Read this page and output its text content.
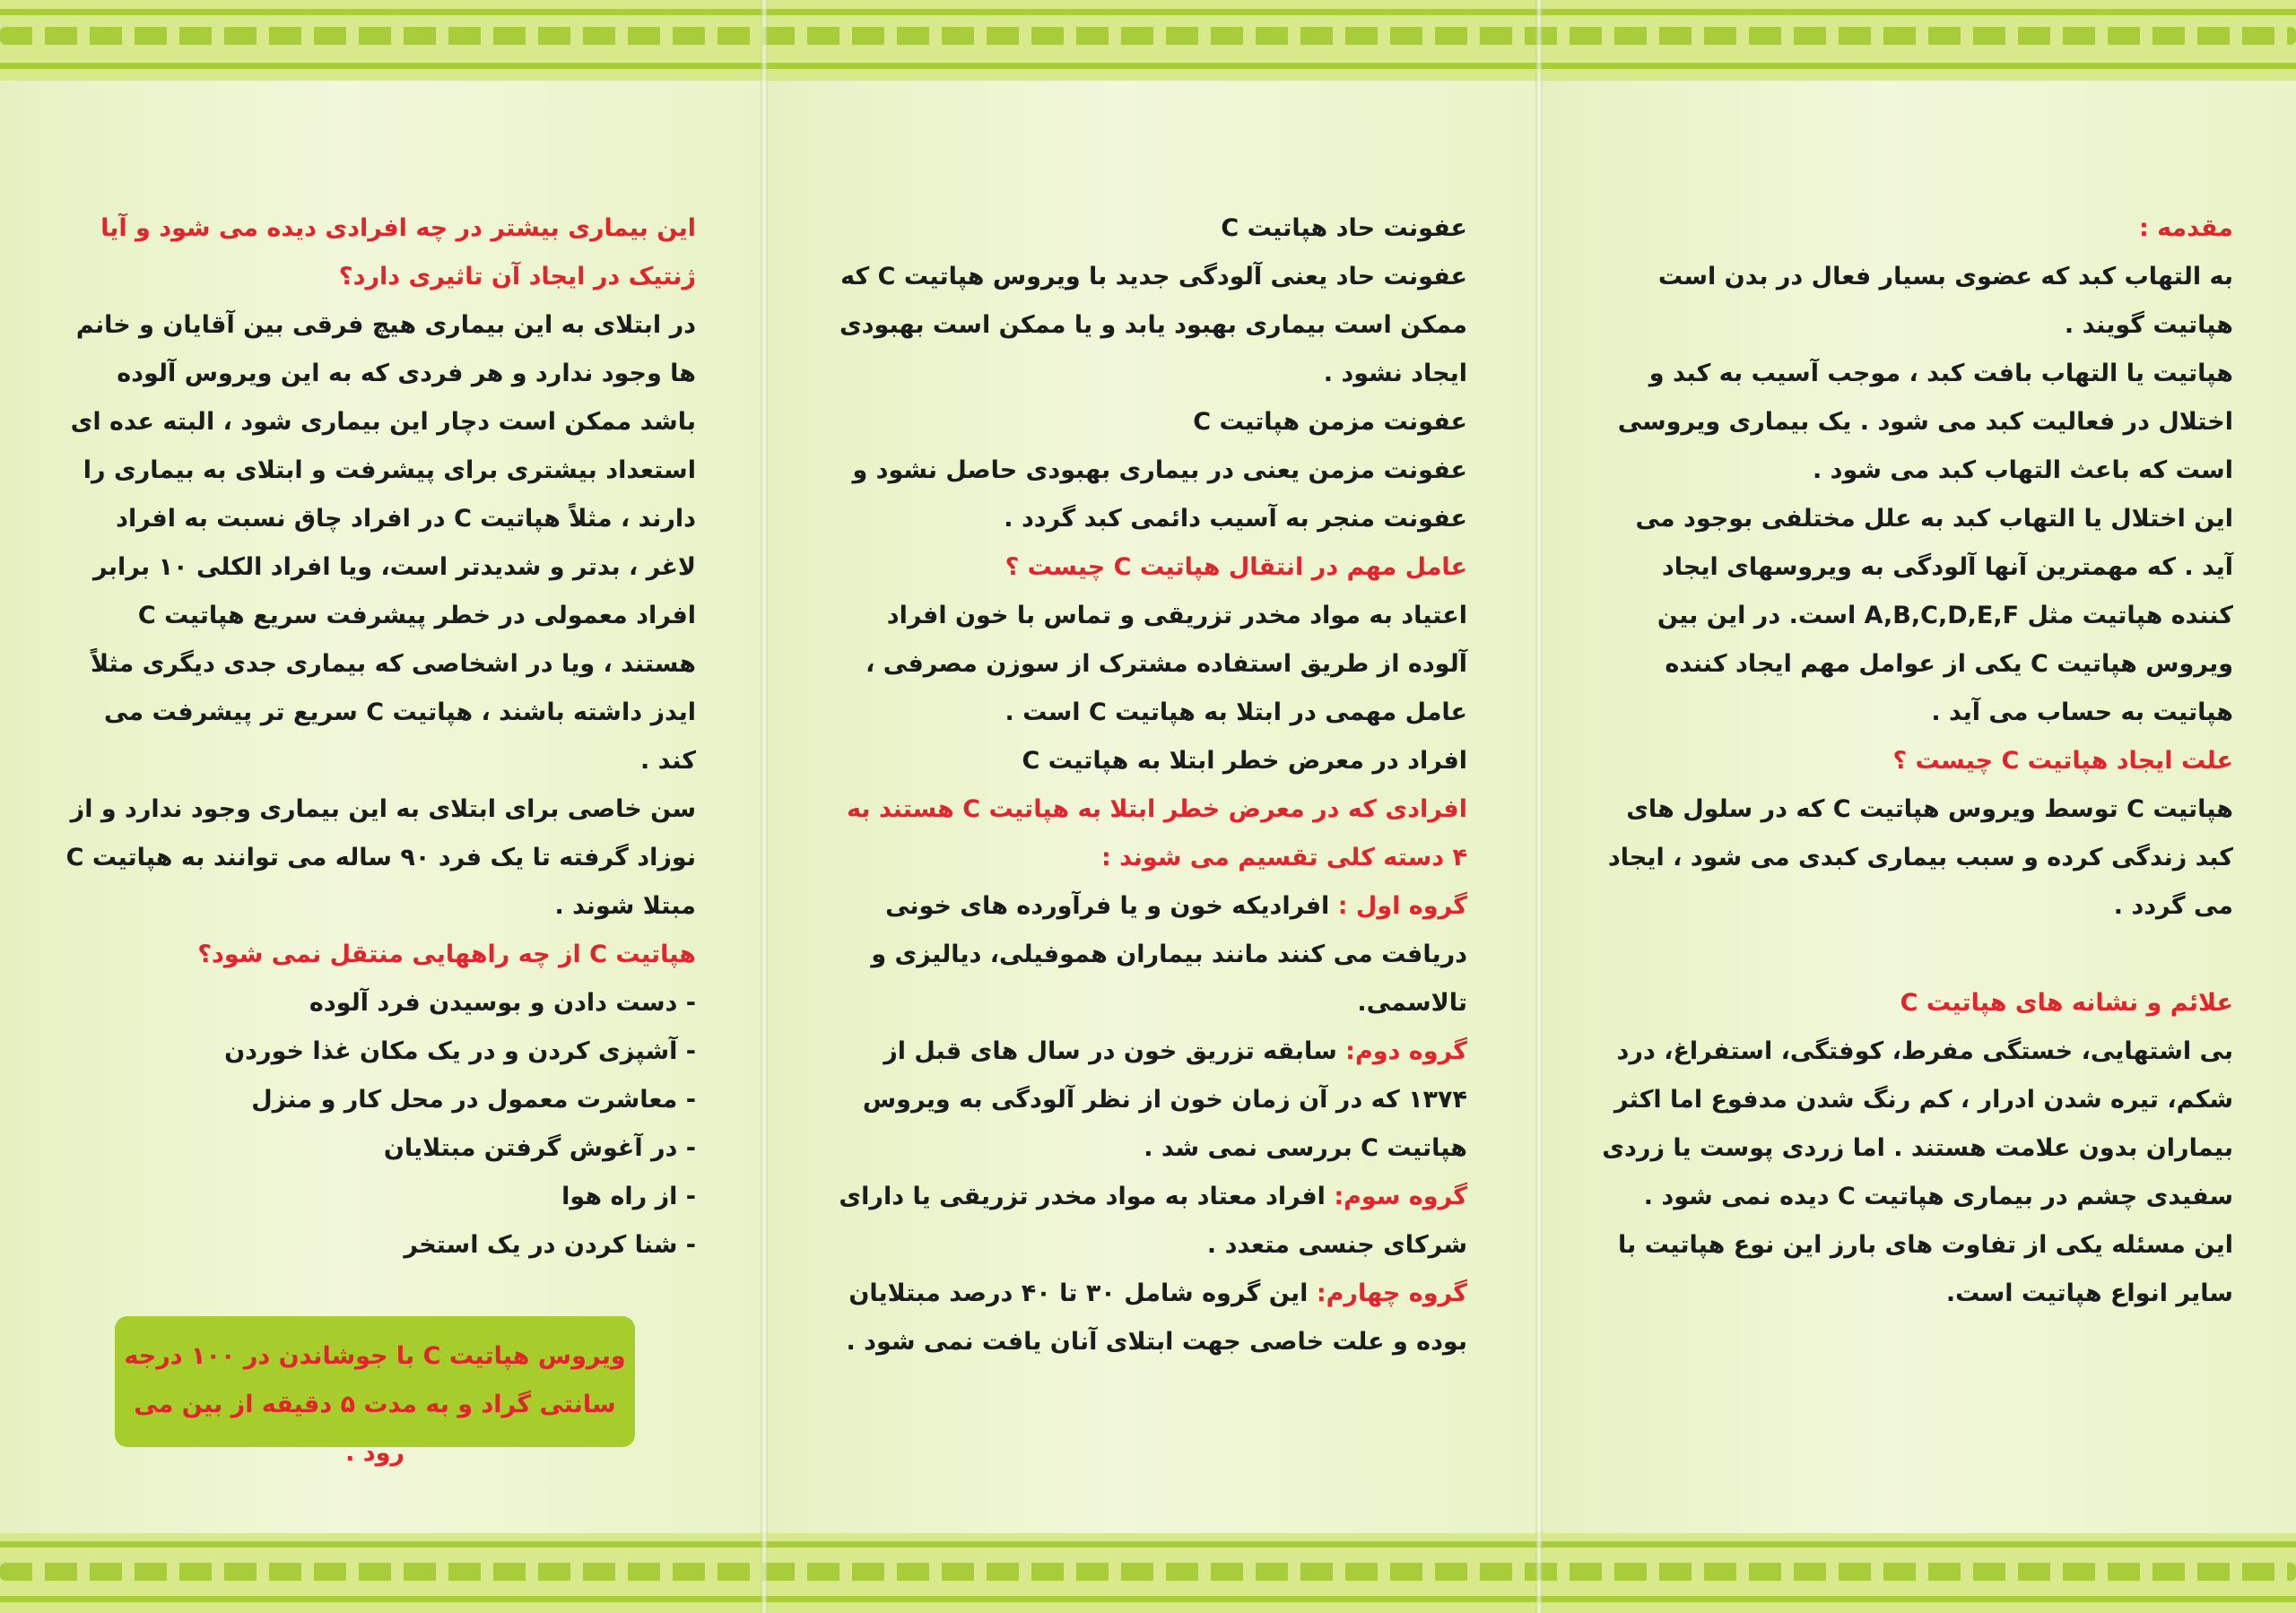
مقدمه :

به التهاب کبد که عضوی بسیار فعال در بدن است هپاتیت گویند .

هپاتیت یا التهاب بافت کبد ، موجب آسیب به کبد و اختلال در فعالیت کبد می شود . یک بیماری ویروسی است که باعث التهاب کبد می شود .

این اختلال یا التهاب کبد به علل مختلفی بوجود می آید . که مهمترین آنها آلودگی به ویروسهای ایجاد کننده هپاتیت مثل A,B,C,D,E,F است. در این بین ویروس هپاتیت C یکی از عوامل مهم ایجاد کننده هپاتیت به حساب می آید .

علت ایجاد هپاتیت C چیست ؟

هپاتیت C توسط ویروس هپاتیت C که در سلول های کبد زندگی کرده و سبب بیماری کبدی می شود ، ایجاد می گردد .

علائم و نشانه های هپاتیت C

بی اشتهایی، خستگی مفرط، کوفتگی، استفراغ، درد شکم، تیره شدن ادرار ، کم رنگ شدن مدفوع اما اکثر بیماران بدون علامت هستند . اما زردی پوست یا زردی سفیدی چشم در بیماری هپاتیت C دیده نمی شود . این مسئله یکی از تفاوت های بارز این نوع هپاتیت با سایر انواع هپاتیت است.

عفونت حاد هپاتیت C

عفونت حاد یعنی آلودگی جدید با ویروس هپاتیت C که ممکن است بیماری بهبود یابد و یا ممکن است بهبودی ایجاد نشود .

عفونت مزمن هپاتیت C

عفونت مزمن یعنی در بیماری بهبودی حاصل نشود و عفونت منجر به آسیب دائمی کبد گردد .

عامل مهم در انتقال هپاتیت C چیست ؟

اعتیاد به مواد مخدر تزریقی و تماس با خون افراد آلوده از طریق استفاده مشترک از سوزن مصرفی ، عامل مهمی در ابتلا به هپاتیت C است .

افراد در معرض خطر ابتلا به هپاتیت C

افرادی که در معرض خطر ابتلا به هپاتیت C هستند به ۴ دسته کلی تقسیم می شوند :

گروه اول : افرادیکه خون و یا فرآورده های خونی دریافت می کنند مانند بیماران هموفیلی، دیالیزی و تالاسمی.

گروه دوم: سابقه تزریق خون در سال های قبل از ۱۳۷۴ که در آن زمان خون از نظر آلودگی به ویروس هپاتیت C بررسی نمی شد .

گروه سوم: افراد معتاد به مواد مخدر تزریقی یا دارای شرکای جنسی متعدد .

گروه چهارم: این گروه شامل ۳۰ تا ۴۰ درصد مبتلایان بوده و علت خاصی جهت ابتلای آنان یافت نمی شود .

این بیماری بیشتر در چه افرادی دیده می شود و آیا ژنتیک در ایجاد آن تاثیری دارد؟

در ابتلای به این بیماری هیچ فرقی بین آقایان و خانم ها وجود ندارد و هر فردی که به این ویروس آلوده باشد ممکن است دچار این بیماری شود ، البته عده ای استعداد بیشتری برای پیشرفت و ابتلای به بیماری را دارند ، مثلاً هپاتیت C در افراد چاق نسبت به افراد لاغر ، بدتر و شدیدتر است، ویا افراد الکلی ۱۰ برابر افراد معمولی در خطر پیشرفت سریع هپاتیت C هستند ، ویا در اشخاصی که بیماری جدی دیگری مثلاً ایدز داشته باشند ، هپاتیت C سریع تر پیشرفت می کند .

سن خاصی برای ابتلای به این بیماری وجود ندارد و از نوزاد گرفته تا یک فرد ۹۰ ساله می توانند به هپاتیت C مبتلا شوند .

هپاتیت C از چه راههایی منتقل نمی شود؟

- دست دادن و بوسیدن فرد آلوده

- آشپزی کردن و در یک مکان غذا خوردن

- معاشرت معمول در محل کار و منزل

- در آغوش گرفتن مبتلایان

- از راه هوا

- شنا کردن در یک استخر

ویروس هپاتیت C با جوشاندن در ۱۰۰ درجه

سانتی گراد و به مدت ۵ دقیقه از بین می رود .
